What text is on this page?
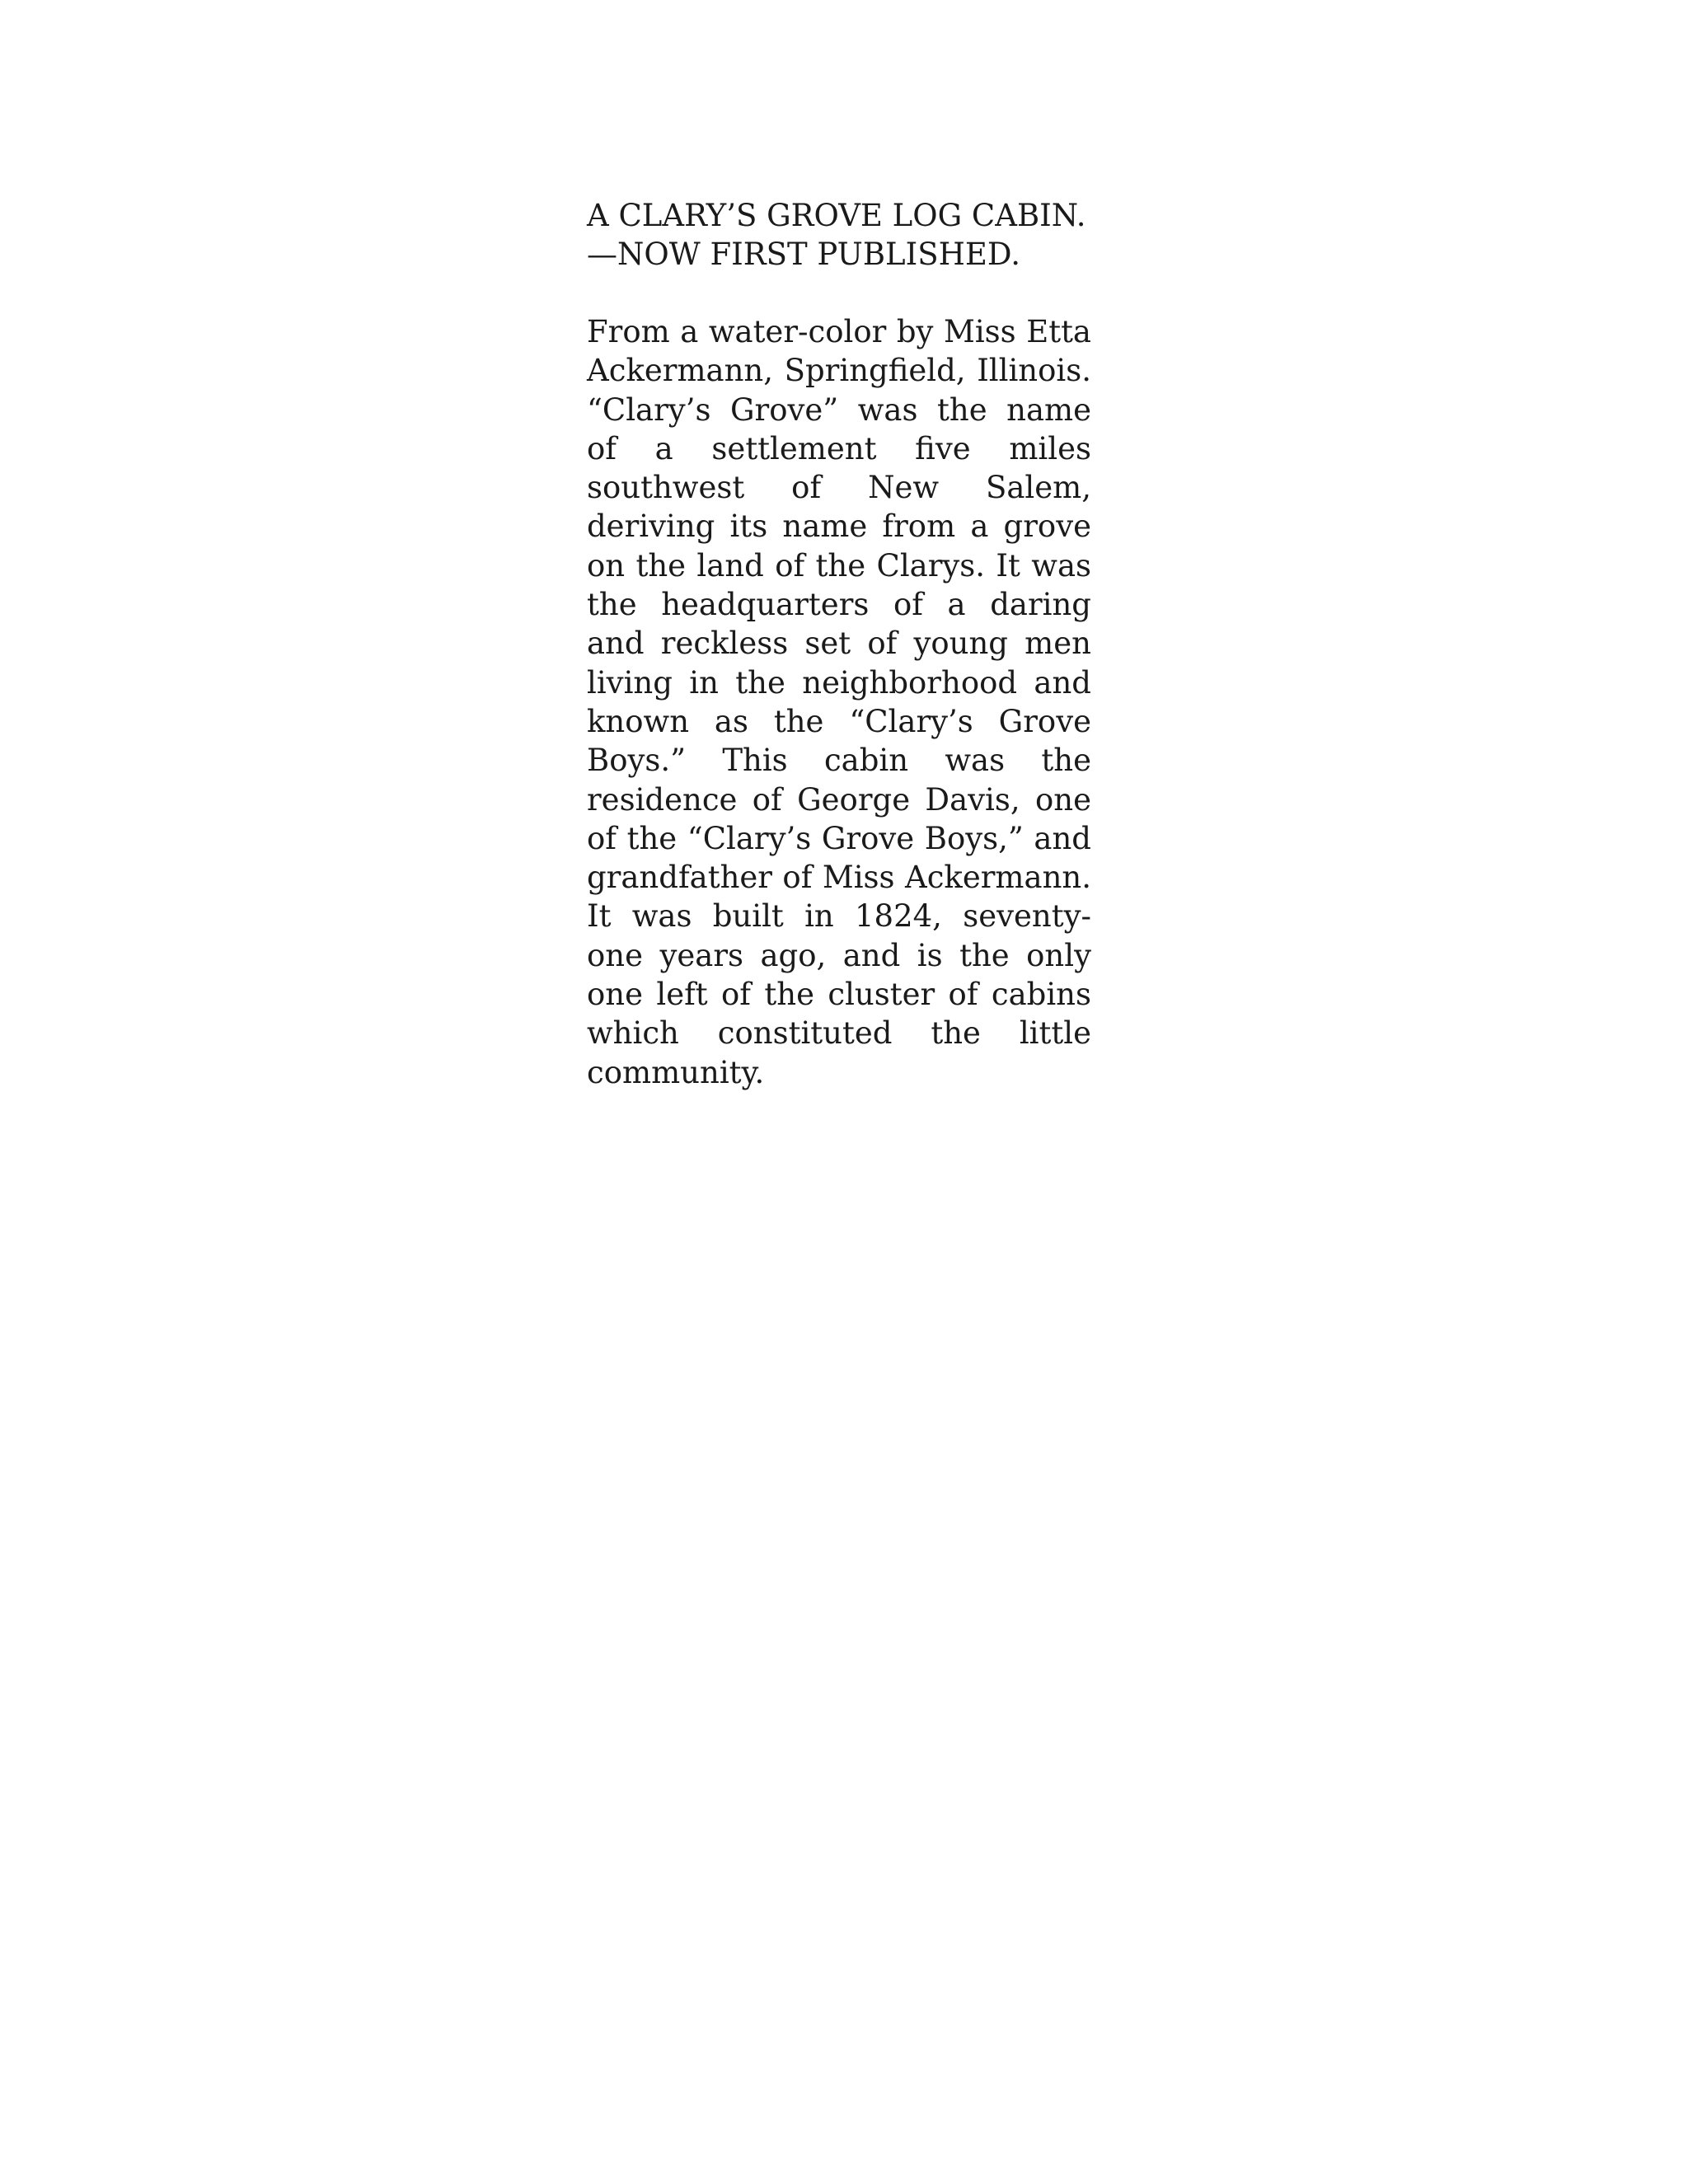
A CLARY’S GROVE LOG CABIN.
—NOW FIRST PUBLISHED.

From a water-color by Miss Etta Ackermann, Springfield, Illinois. “Clary’s Grove” was the name of a settlement five miles southwest of New Salem, deriving its name from a grove on the land of the Clarys. It was the headquarters of a daring and reckless set of young men living in the neighborhood and known as the “Clary’s Grove Boys.” This cabin was the residence of George Davis, one of the “Clary’s Grove Boys,” and grandfather of Miss Ackermann. It was built in 1824, seventy-one years ago, and is the only one left of the cluster of cabins which constituted the little community.
